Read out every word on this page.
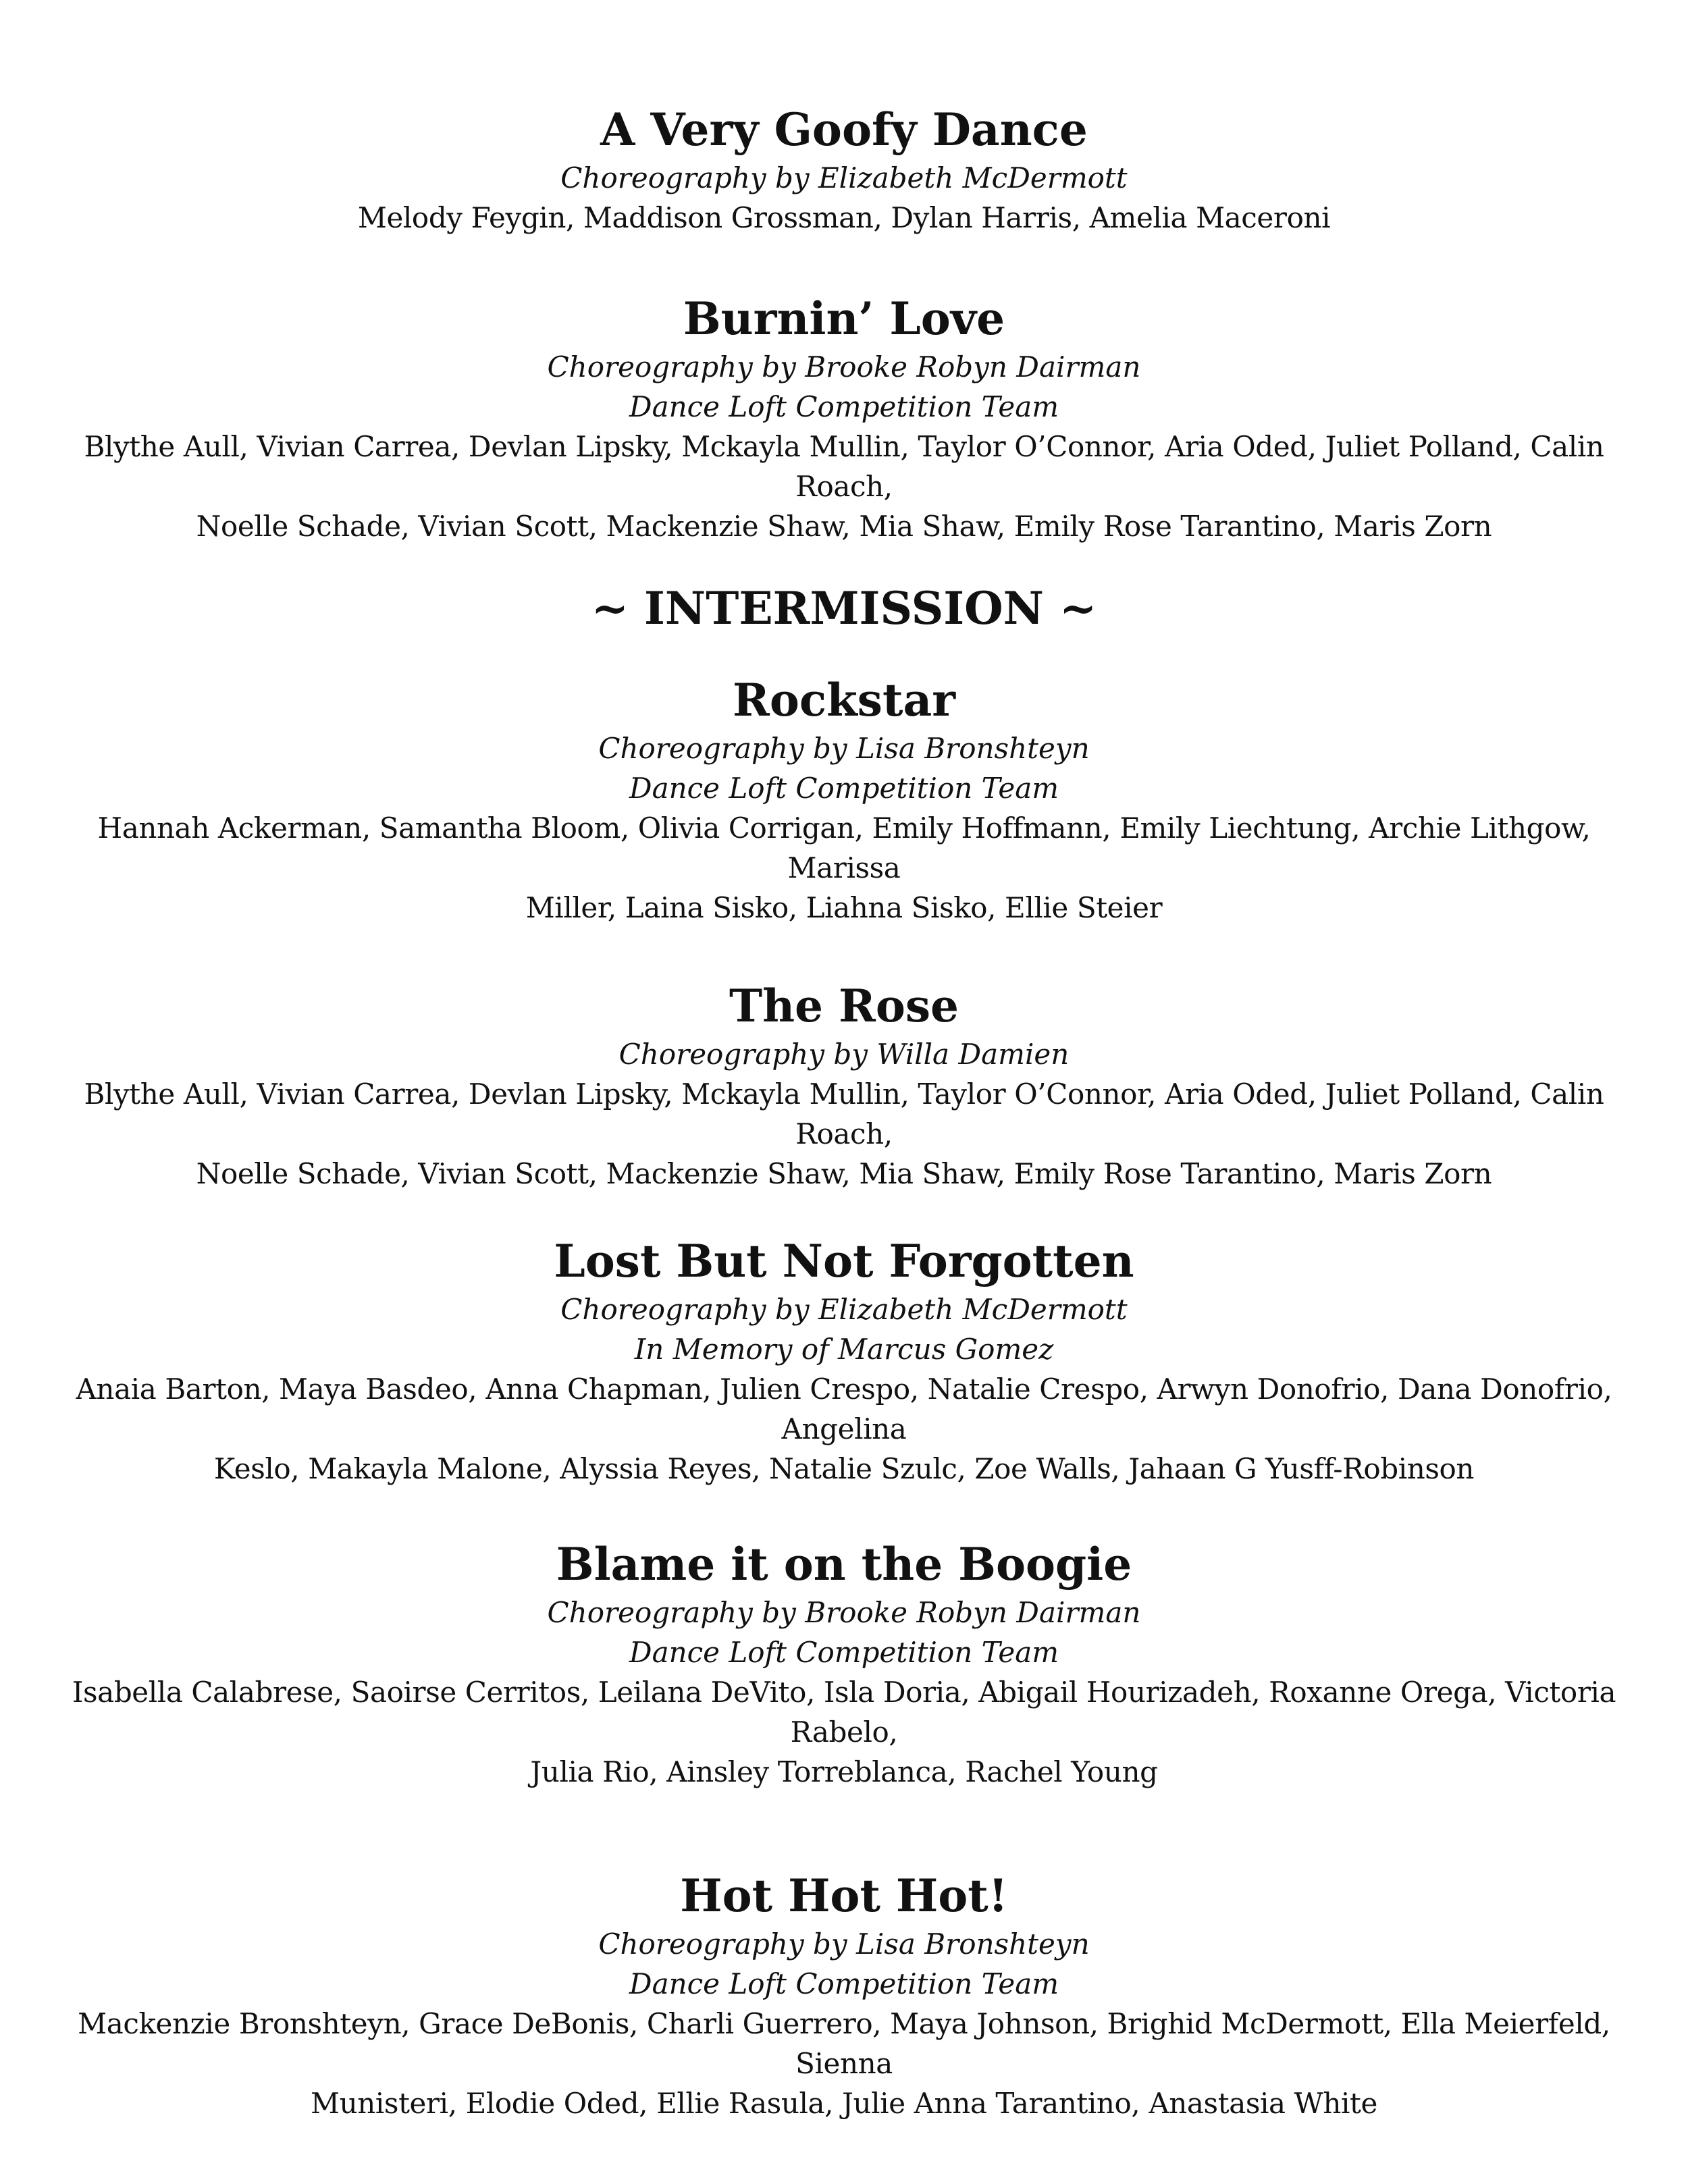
A Very Goofy Dance

Choreography by Elizabeth McDermott

Melody Feygin, Maddison Grossman, Dylan Harris, Amelia Maceroni

Burnin’ Love

Choreography by Brooke Robyn Dairman

Dance Loft Competition Team

Blythe Aull, Vivian Carrea, Devlan Lipsky, Mckayla Mullin, Taylor O’Connor, Aria Oded, Juliet Polland, Calin Roach,

Noelle Schade, Vivian Scott, Mackenzie Shaw, Mia Shaw, Emily Rose Tarantino, Maris Zorn

~ INTERMISSION ~
Rockstar

Choreography by Lisa Bronshteyn

Dance Loft Competition Team

Hannah Ackerman, Samantha Bloom, Olivia Corrigan, Emily Hoffmann, Emily Liechtung, Archie Lithgow, Marissa

Miller, Laina Sisko, Liahna Sisko, Ellie Steier

The Rose

Choreography by Willa Damien

Blythe Aull, Vivian Carrea, Devlan Lipsky, Mckayla Mullin, Taylor O’Connor, Aria Oded, Juliet Polland, Calin Roach,

Noelle Schade, Vivian Scott, Mackenzie Shaw, Mia Shaw, Emily Rose Tarantino, Maris Zorn

Lost But Not Forgotten

Choreography by Elizabeth McDermott

In Memory of Marcus Gomez

Anaia Barton, Maya Basdeo, Anna Chapman, Julien Crespo, Natalie Crespo, Arwyn Donofrio, Dana Donofrio, Angelina

Keslo, Makayla Malone, Alyssia Reyes, Natalie Szulc, Zoe Walls, Jahaan G Yusff-Robinson

Blame it on the Boogie

Choreography by Brooke Robyn Dairman

Dance Loft Competition Team

Isabella Calabrese, Saoirse Cerritos, Leilana DeVito, Isla Doria, Abigail Hourizadeh, Roxanne Orega, Victoria Rabelo,

Julia Rio, Ainsley Torreblanca, Rachel Young

Hot Hot Hot!

Choreography by Lisa Bronshteyn

Dance Loft Competition Team

Mackenzie Bronshteyn, Grace DeBonis, Charli Guerrero, Maya Johnson, Brighid McDermott, Ella Meierfeld, Sienna

Munisteri, Elodie Oded, Ellie Rasula, Julie Anna Tarantino, Anastasia White
